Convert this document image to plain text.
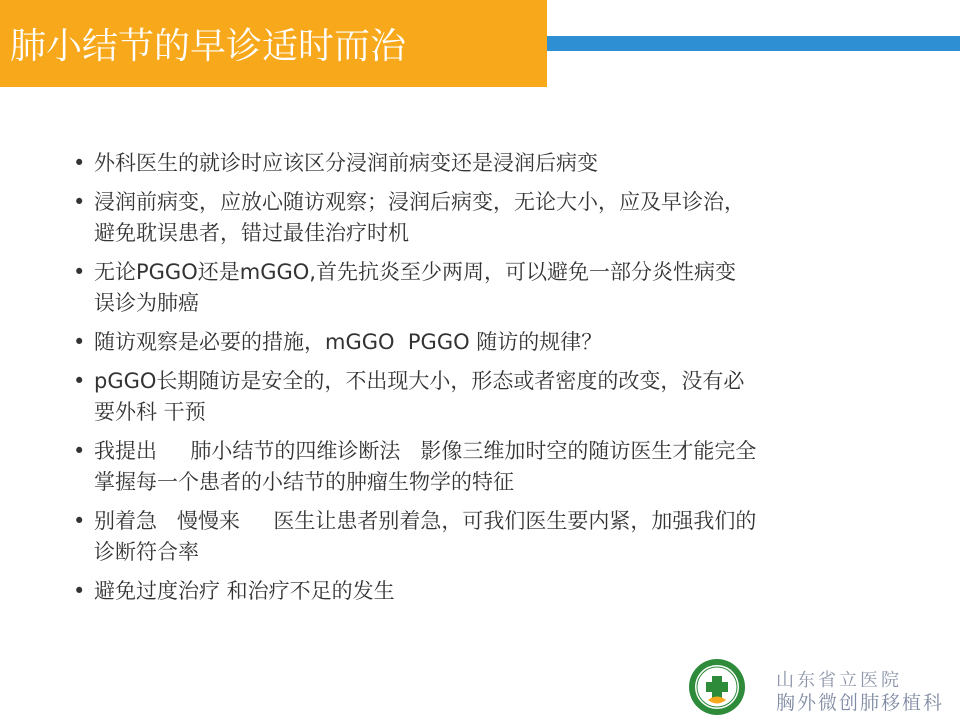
肺小结节的早诊适时而治
• 外科医生的就诊时应该区分浸润前病变还是浸润后病变
• 浸润前病变，应放心随访观察；浸润后病变，无论大小，应及早诊治，
避免耽误患者，错过最佳治疗时机
• 无论PGGO还是mGGO,首先抗炎至少两周，可以避免一部分炎性病变
误诊为肺癌
• 随访观察是必要的措施，mGGO  PGGO 随访的规律？
• pGGO长期随访是安全的，不出现大小，形态或者密度的改变，没有必
要外科 干预
• 我提出     肺小结节的四维诊断法   影像三维加时空的随访医生才能完全
掌握每一个患者的小结节的肿瘤生物学的特征
• 别着急   慢慢来     医生让患者别着急，可我们医生要内紧，加强我们的
诊断符合率
• 避免过度治疗 和治疗不足的发生
山东省立医院
胸外微创肺移植科
